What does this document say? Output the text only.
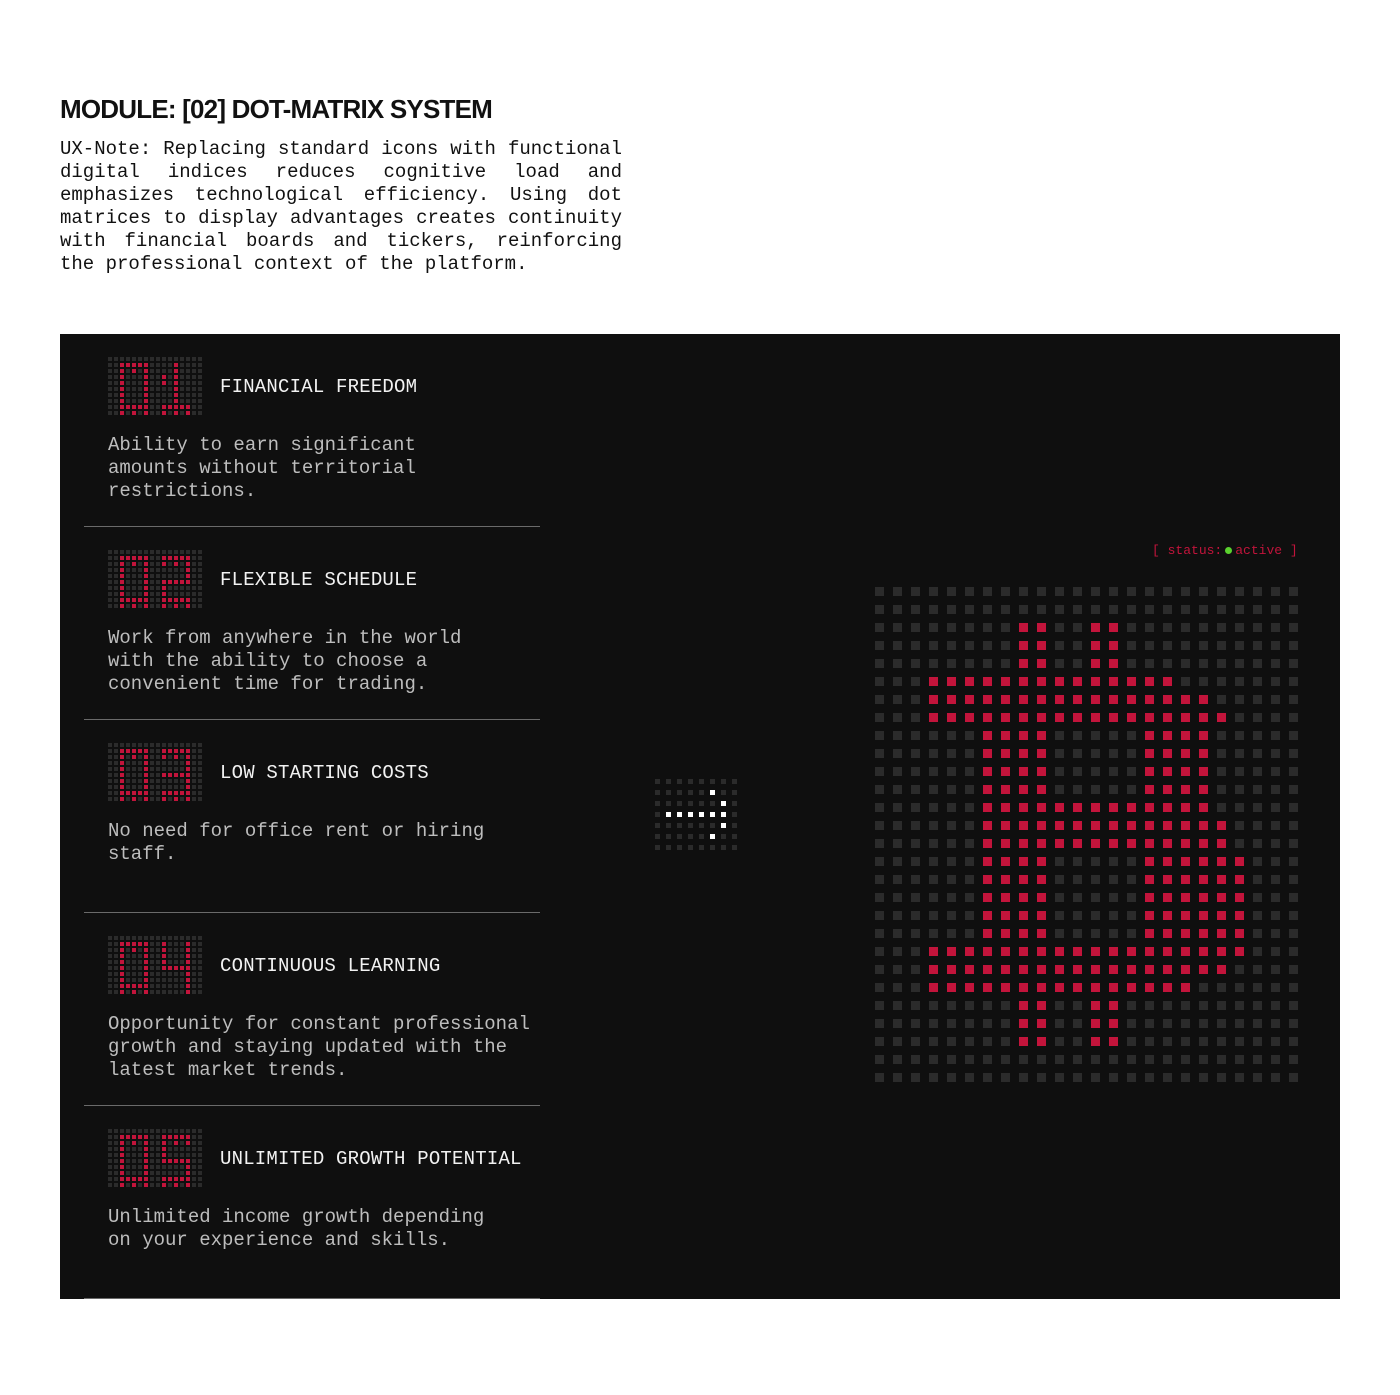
MODULE: [02] DOT-MATRIX SYSTEM

UX-Note: Replacing standard icons with functional digital indices reduces cognitive load and emphasizes technological efficiency. Using dot matrices to display advantages creates continuity with financial boards and tickers, reinforcing the professional context of the platform.

FINANCIAL FREEDOM
Ability to earn significant
amounts without territorial
restrictions.
FLEXIBLE SCHEDULE
Work from anywhere in the world
with the ability to choose a
convenient time for trading.
LOW STARTING COSTS
No need for office rent or hiring
staff.
CONTINUOUS LEARNING
Opportunity for constant professional
growth and staying updated with the
latest market trends.
UNLIMITED GROWTH POTENTIAL
Unlimited income growth depending
on your experience and skills.
[ status: active ]
